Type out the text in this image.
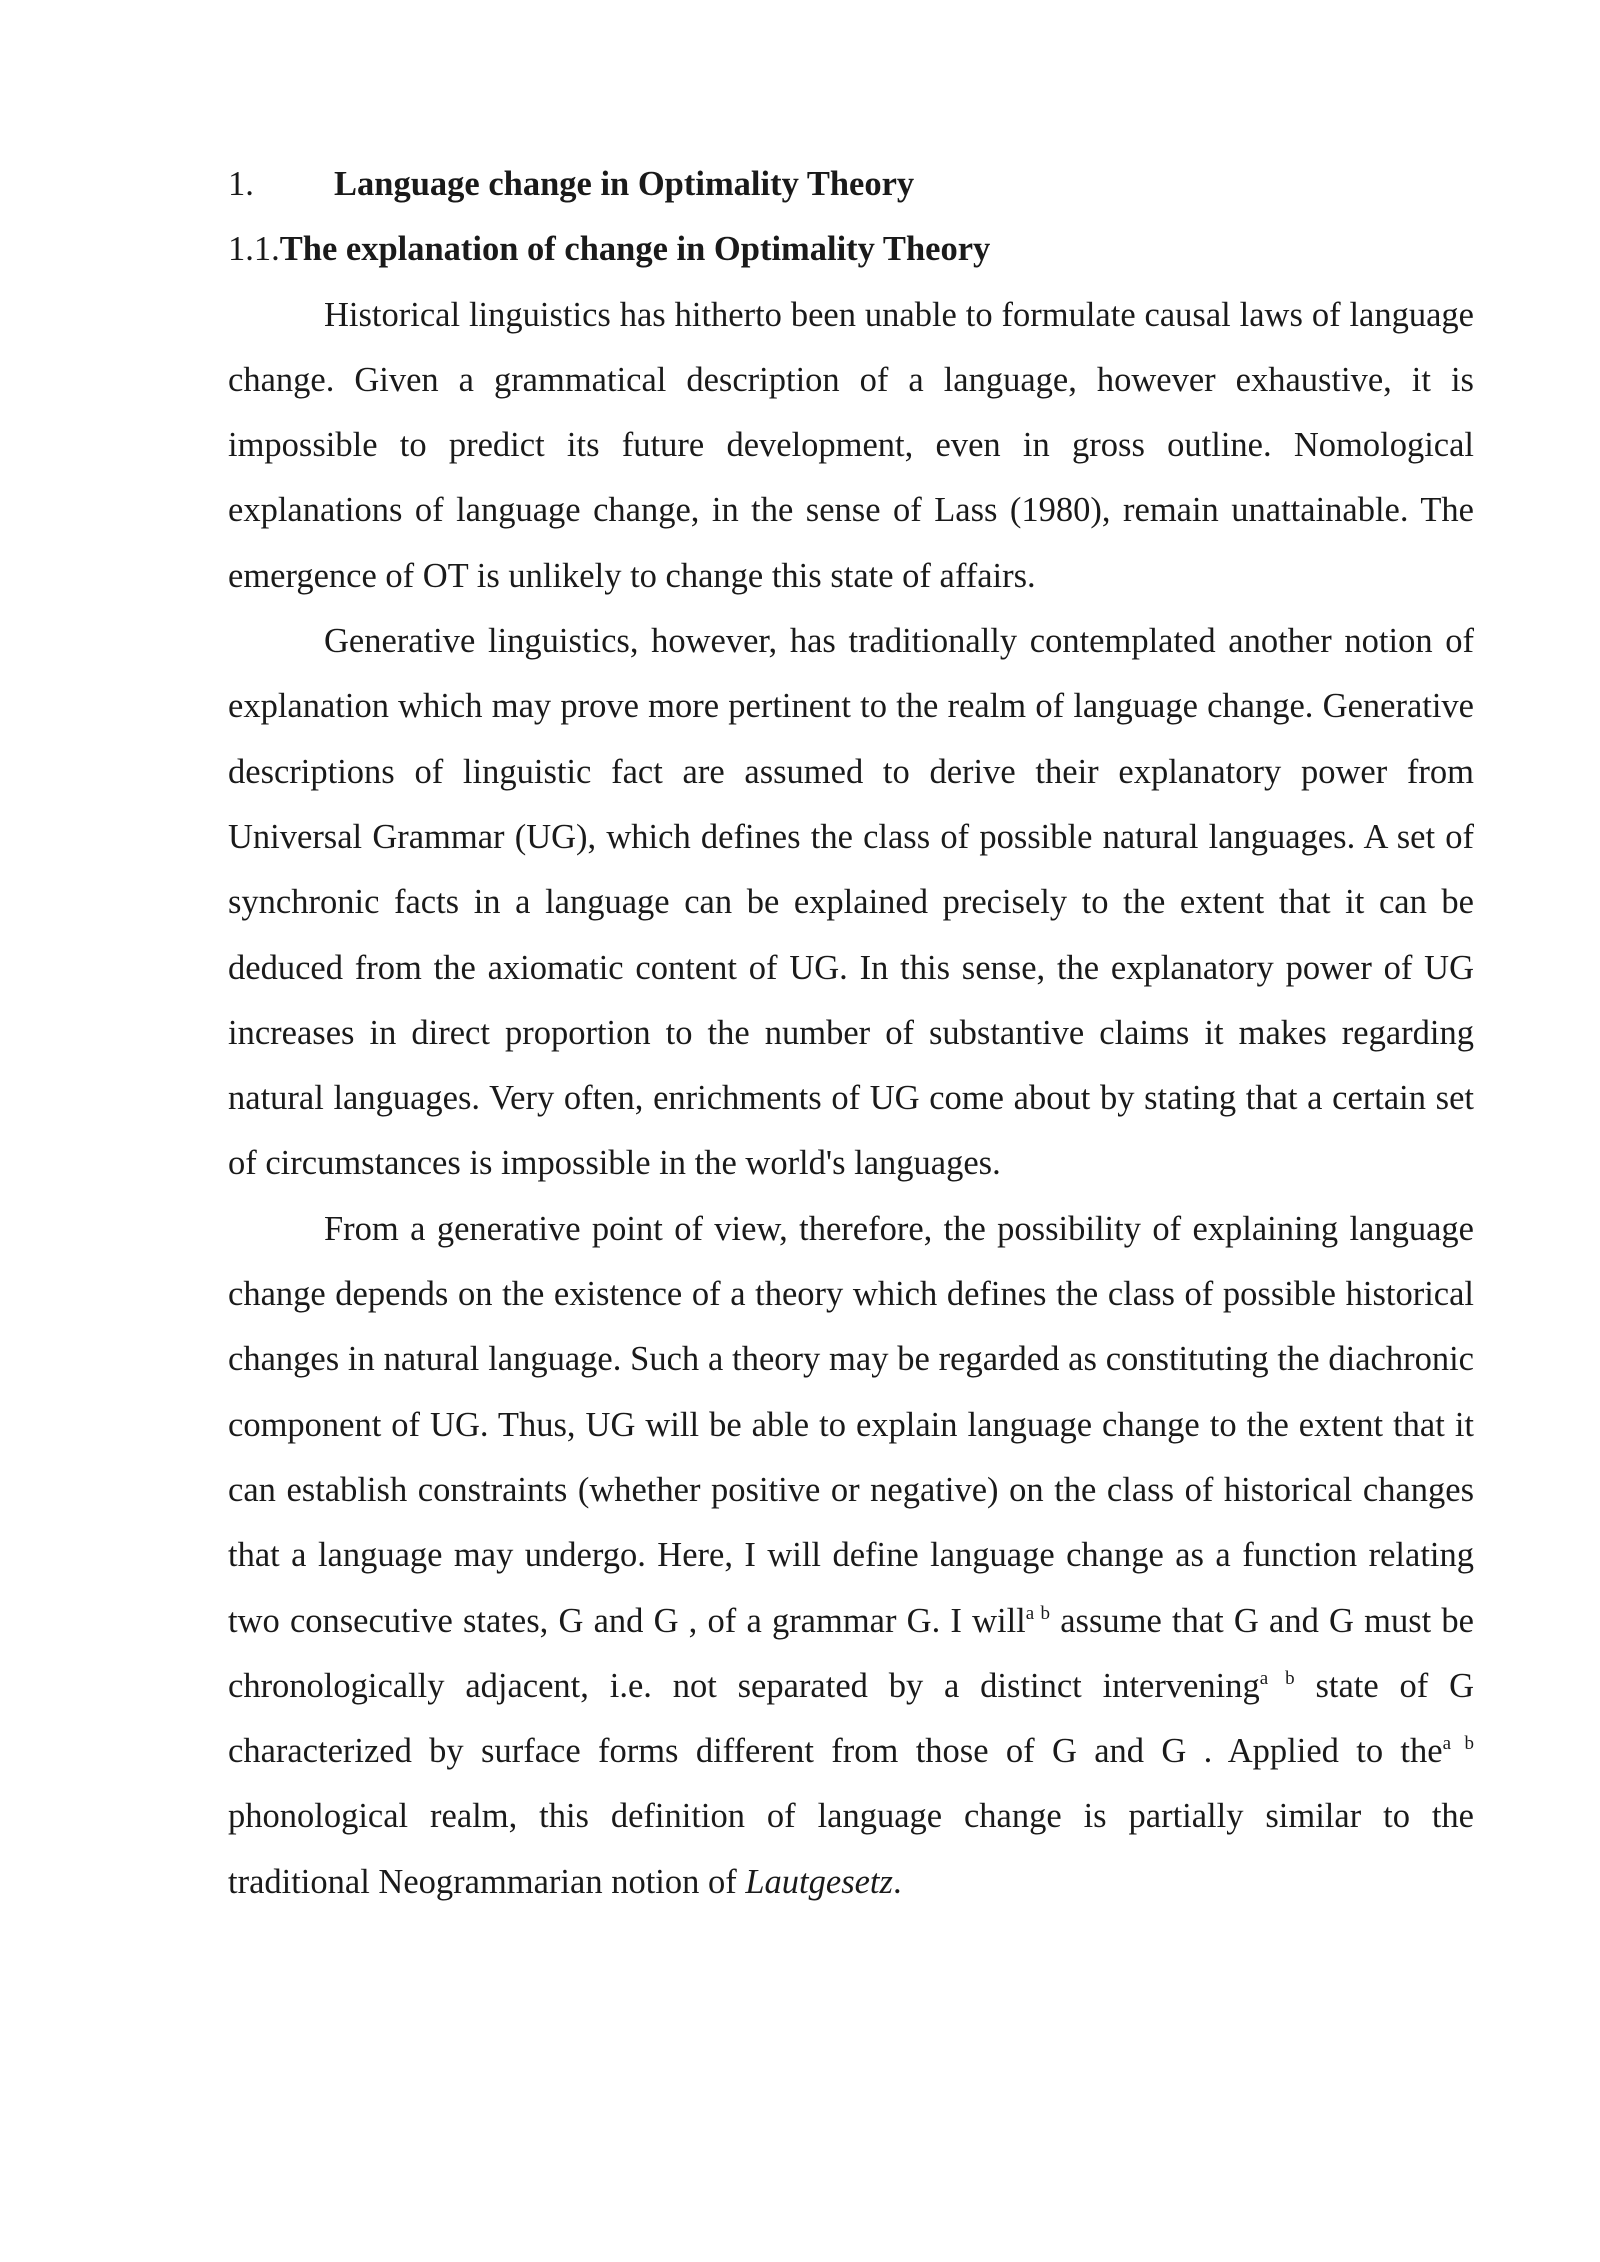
1. Language change in Optimality Theory
1.1.The explanation of change in Optimality Theory

Historical linguistics has hitherto been unable to formulate causal laws of language change. Given a grammatical description of a language, however exhaustive, it is impossible to predict its future development, even in gross outline. Nomological explanations of language change, in the sense of Lass (1980), remain unattainable. The emergence of OT is unlikely to change this state of affairs.

Generative linguistics, however, has traditionally contemplated another notion of explanation which may prove more pertinent to the realm of language change. Generative descriptions of linguistic fact are assumed to derive their explanatory power from Universal Grammar (UG), which defines the class of possible natural languages. A set of synchronic facts in a language can be explained precisely to the extent that it can be deduced from the axiomatic content of UG. In this sense, the explanatory power of UG increases in direct proportion to the number of substantive claims it makes regarding natural languages. Very often, enrichments of UG come about by stating that a certain set of circumstances is impossible in the world's languages.

From a generative point of view, therefore, the possibility of explaining language change depends on the existence of a theory which defines the class of possible historical changes in natural language. Such a theory may be regarded as constituting the diachronic component of UG. Thus, UG will be able to explain language change to the extent that it can establish constraints (whether positive or negative) on the class of historical changes that a language may undergo. Here, I will define language change as a function relating two consecutive states, G and G , of a grammar G. I will$^{a b}$ assume that G and G must be chronologically adjacent, i.e. not separated by a distinct intervening$^{a b}$ state of G characterized by surface forms different from those of G and G . Applied to the$^{a b}$ phonological realm, this definition of language change is partially similar to the traditional Neogrammarian notion of Lautgesetz.
